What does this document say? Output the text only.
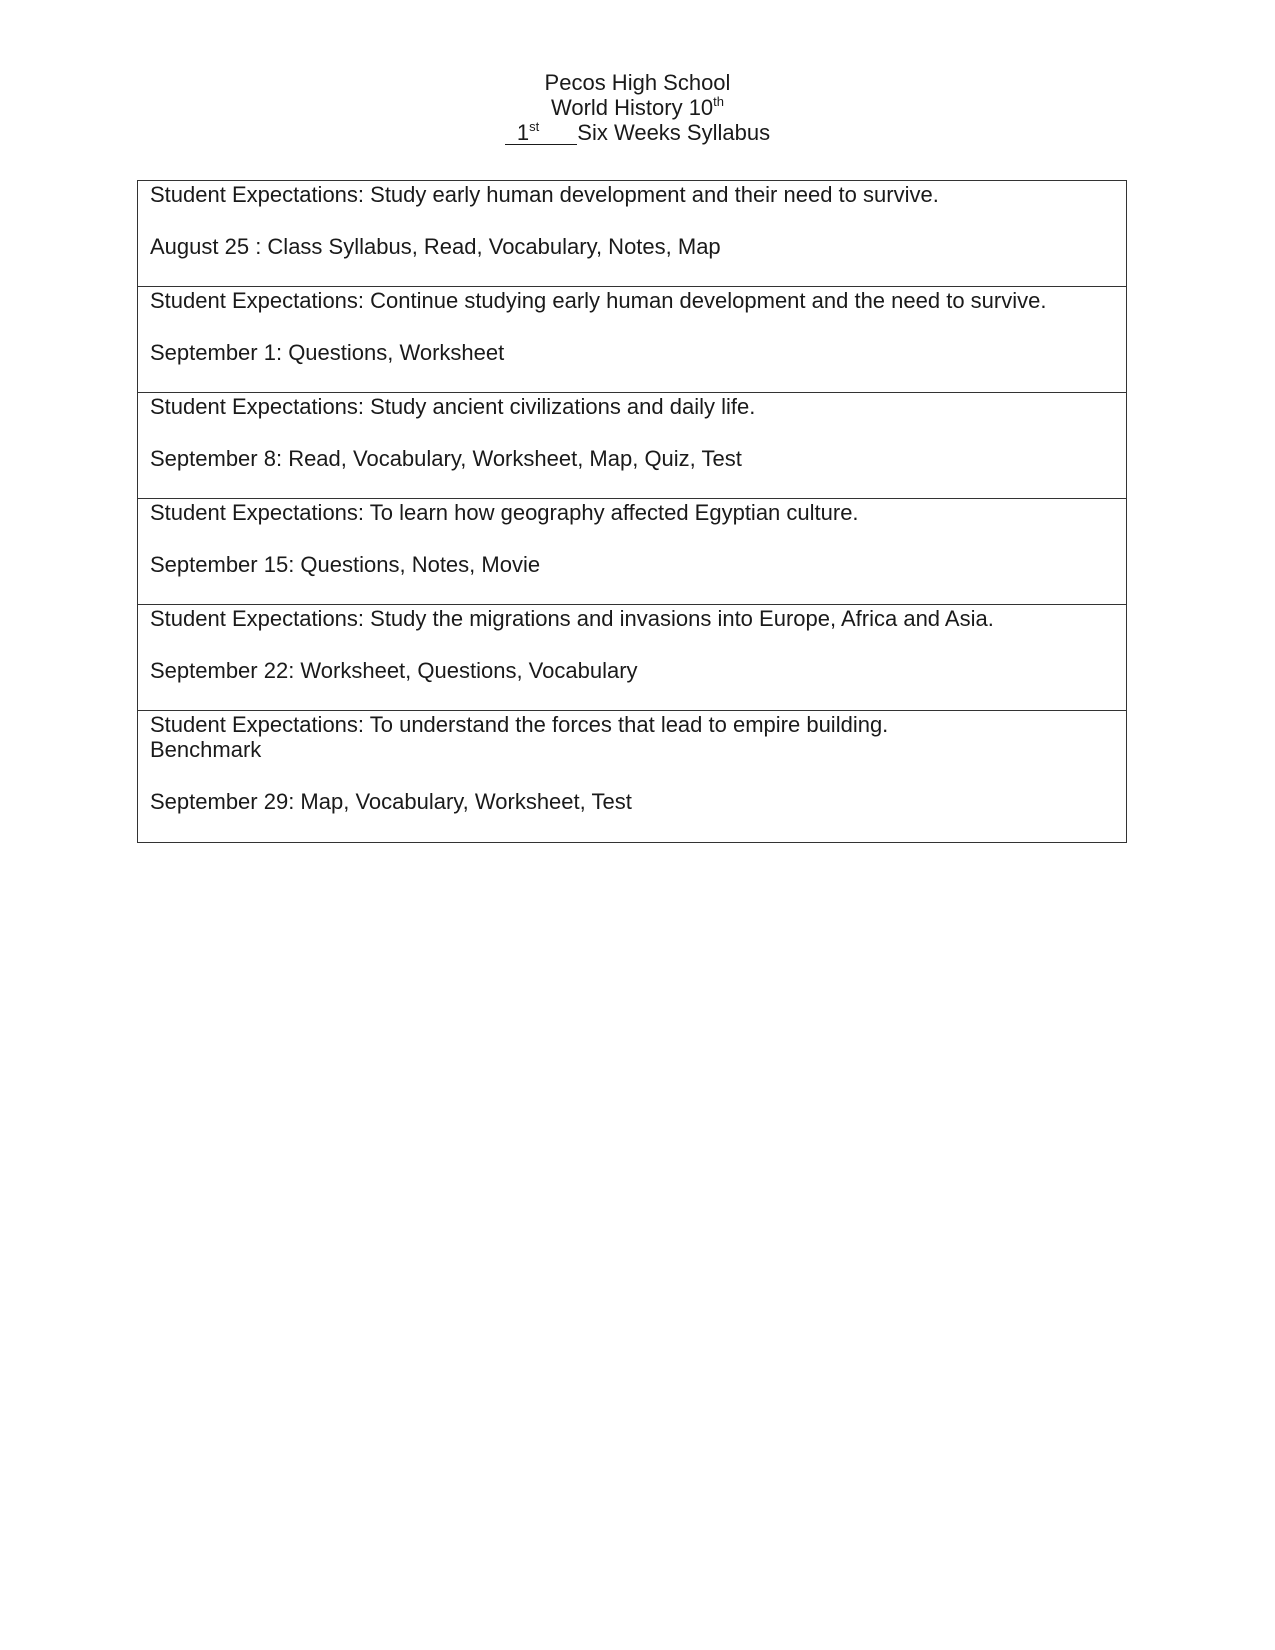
Pecos High School
World History 10th
1st Six Weeks Syllabus
Student Expectations: Study early human development and their need to survive.
August 25 : Class Syllabus, Read, Vocabulary, Notes, Map
Student Expectations: Continue studying early human development and the need to survive.
September 1: Questions, Worksheet
Student Expectations: Study ancient civilizations and daily life.
September 8: Read, Vocabulary, Worksheet, Map, Quiz, Test
Student Expectations: To learn how geography affected Egyptian culture.
September 15: Questions, Notes, Movie
Student Expectations: Study the migrations and invasions into Europe, Africa and Asia.
September 22: Worksheet, Questions, Vocabulary
Student Expectations: To understand the forces that lead to empire building.
Benchmark
September 29: Map, Vocabulary, Worksheet, Test
